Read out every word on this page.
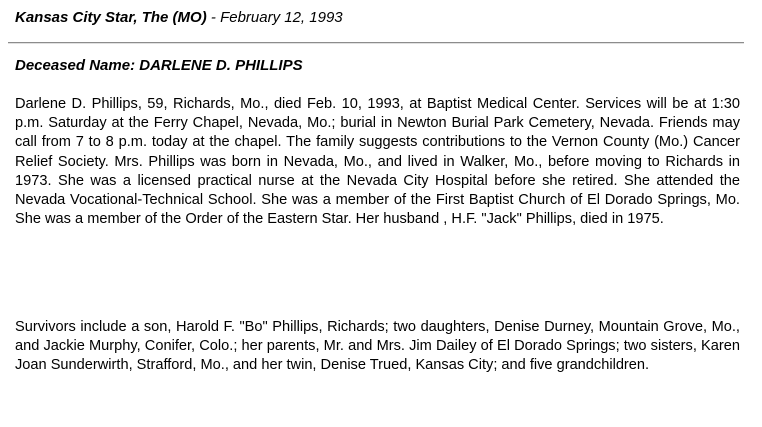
Kansas City Star, The (MO) - February 12, 1993
Deceased Name: DARLENE D. PHILLIPS

Darlene D. Phillips, 59, Richards, Mo., died Feb. 10, 1993, at Baptist Medical Center. Services will be at 1:30 p.m. Saturday at the Ferry Chapel, Nevada, Mo.; burial in Newton Burial Park Cemetery, Nevada. Friends may call from 7 to 8 p.m. today at the chapel. The family suggests contributions to the Vernon County (Mo.) Cancer Relief Society. Mrs. Phillips was born in Nevada, Mo., and lived in Walker, Mo., before moving to Richards in 1973. She was a licensed practical nurse at the Nevada City Hospital before she retired. She attended the Nevada Vocational-Technical School. She was a member of the First Baptist Church of El Dorado Springs, Mo. She was a member of the Order of the Eastern Star. Her husband , H.F. "Jack" Phillips, died in 1975.

Survivors include a son, Harold F. "Bo" Phillips, Richards; two daughters, Denise Durney, Mountain Grove, Mo., and Jackie Murphy, Conifer, Colo.; her parents, Mr. and Mrs. Jim Dailey of El Dorado Springs; two sisters, Karen Joan Sunderwirth, Strafford, Mo., and her twin, Denise Trued, Kansas City; and five grandchildren.
